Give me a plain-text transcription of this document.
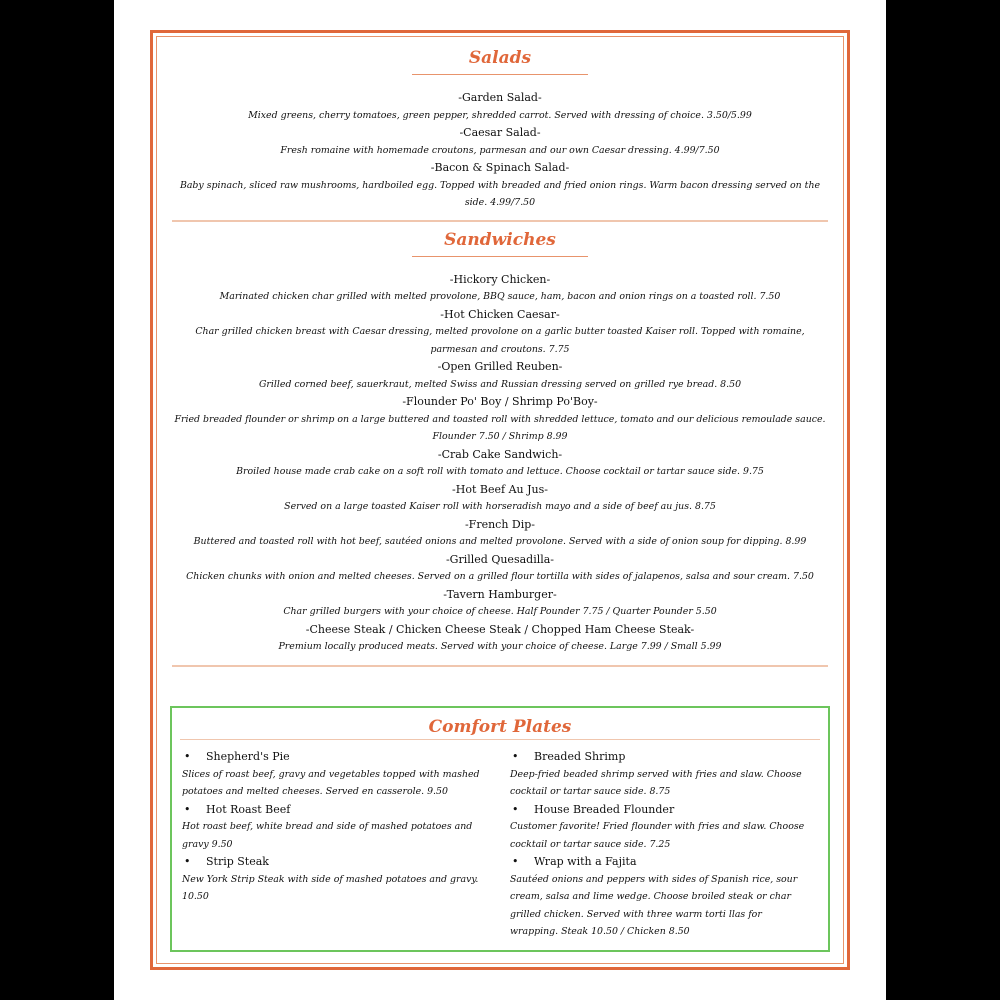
Salads
-Garden Salad-
Mixed greens, cherry tomatoes, green pepper, shredded carrot. Served with dressing of choice. 3.50/5.99
-Caesar Salad-
Fresh romaine with homemade croutons, parmesan and our own Caesar dressing. 4.99/7.50
-Bacon & Spinach Salad-
Baby spinach, sliced raw mushrooms, hardboiled egg. Topped with breaded and fried onion rings. Warm bacon dressing served on the side. 4.99/7.50
Sandwiches
-Hickory Chicken-
Marinated chicken char grilled with melted provolone, BBQ sauce, ham, bacon and onion rings on a toasted roll. 7.50
-Hot Chicken Caesar-
Char grilled chicken breast with Caesar dressing, melted provolone on a garlic butter toasted Kaiser roll. Topped with romaine, parmesan and croutons. 7.75
-Open Grilled Reuben-
Grilled corned beef, sauerkraut, melted Swiss and Russian dressing served on grilled rye bread. 8.50
-Flounder Po' Boy / Shrimp Po'Boy-
Fried breaded flounder or shrimp on a large buttered and toasted roll with shredded lettuce, tomato and our delicious remoulade sauce. Flounder 7.50 / Shrimp 8.99
-Crab Cake Sandwich-
Broiled house made crab cake on a soft roll with tomato and lettuce. Choose cocktail or tartar sauce side. 9.75
-Hot Beef Au Jus-
Served on a large toasted Kaiser roll with horseradish mayo and a side of beef au jus. 8.75
-French Dip-
Buttered and toasted roll with hot beef, sautéed onions and melted provolone. Served with a side of onion soup for dipping. 8.99
-Grilled Quesadilla-
Chicken chunks with onion and melted cheeses. Served on a grilled flour tortilla with sides of jalapenos, salsa and sour cream. 7.50
-Tavern Hamburger-
Char grilled burgers with your choice of cheese. Half Pounder 7.75 / Quarter Pounder 5.50
-Cheese Steak / Chicken Cheese Steak / Chopped Ham Cheese Steak-
Premium locally produced meats. Served with your choice of cheese. Large 7.99 / Small 5.99
Comfort Plates
• Shepherd's Pie
Slices of roast beef, gravy and vegetables topped with mashed potatoes and melted cheeses. Served en casserole. 9.50
• Hot Roast Beef
Hot roast beef, white bread and side of mashed potatoes and gravy 9.50
• Strip Steak
New York Strip Steak with side of mashed potatoes and gravy. 10.50
• Breaded Shrimp
Deep-fried beaded shrimp served with fries and slaw. Choose cocktail or tartar sauce side. 8.75
• House Breaded Flounder
Customer favorite! Fried flounder with fries and slaw. Choose cocktail or tartar sauce side. 7.25
• Wrap with a Fajita
Sautéed onions and peppers with sides of Spanish rice, sour cream, salsa and lime wedge. Choose broiled steak or char grilled chicken. Served with three warm torti llas for wrapping. Steak 10.50 / Chicken 8.50
